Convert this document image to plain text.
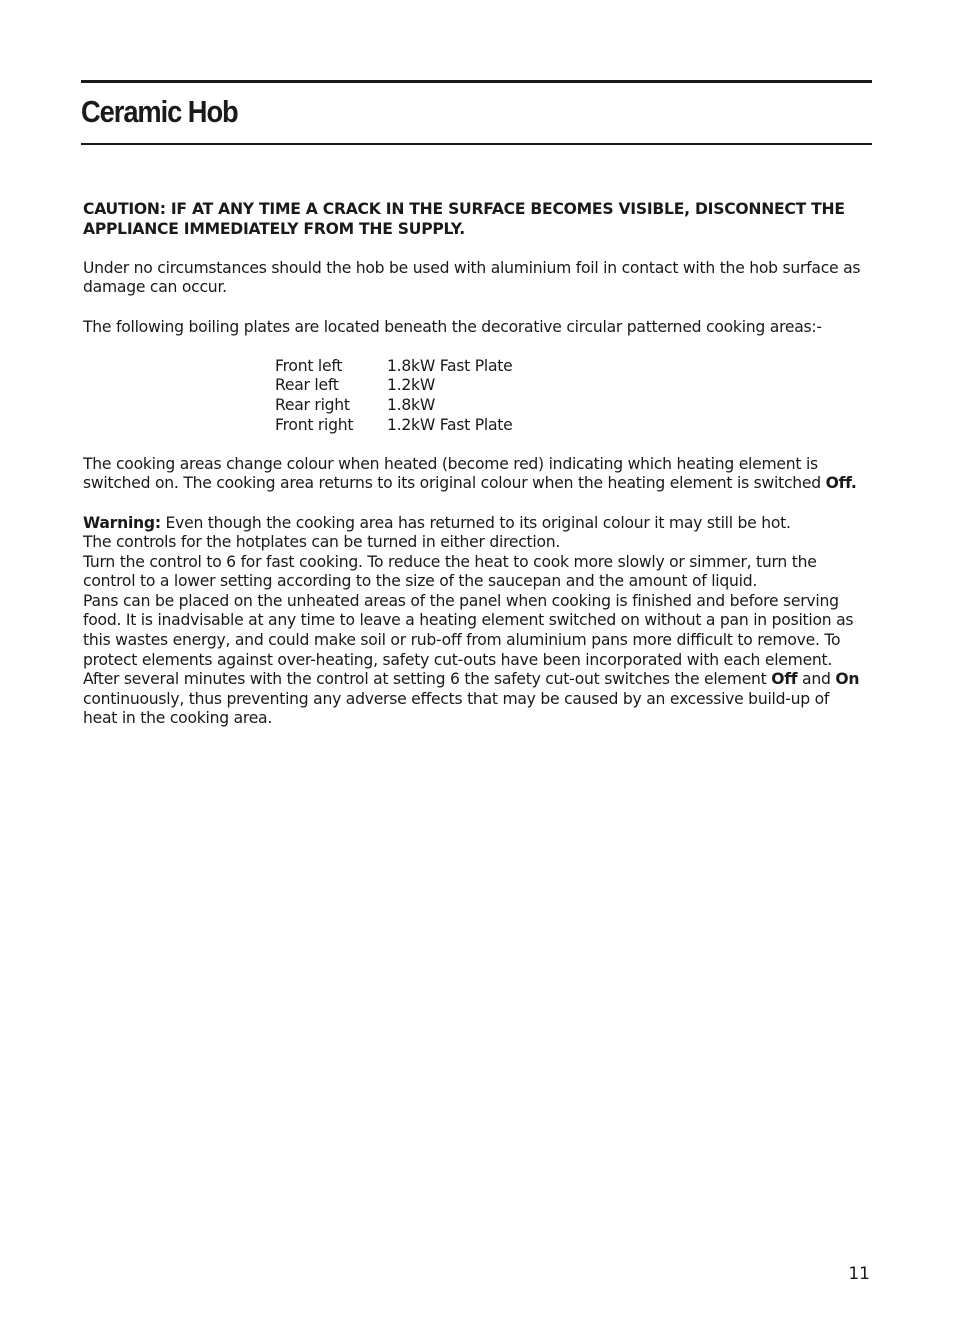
Ceramic Hob

CAUTION: IF AT ANY TIME A CRACK IN THE SURFACE BECOMES VISIBLE, DISCONNECT THE APPLIANCE IMMEDIATELY FROM THE SUPPLY.

Under no circumstances should the hob be used with aluminium foil in contact with the hob surface as damage can occur.

The following boiling plates are located beneath the decorative circular patterned cooking areas:-

Front left	1.8kW Fast Plate
Rear left	1.2kW
Rear right	1.8kW
Front right	1.2kW Fast Plate

The cooking areas change colour when heated (become red) indicating which heating element is switched on. The cooking area returns to its original colour when the heating element is switched Off.

Warning: Even though the cooking area has returned to its original colour it may still be hot.

The controls for the hotplates can be turned in either direction.

Turn the control to 6 for fast cooking. To reduce the heat to cook more slowly or simmer, turn the control to a lower setting according to the size of the saucepan and the amount of liquid.

Pans can be placed on the unheated areas of the panel when cooking is finished and before serving food. It is inadvisable at any time to leave a heating element switched on without a pan in position as this wastes energy, and could make soil or rub-off from aluminium pans more difficult to remove. To protect elements against over-heating, safety cut-outs have been incorporated with each element. After several minutes with the control at setting 6 the safety cut-out switches the element Off and On continuously, thus preventing any adverse effects that may be caused by an excessive build-up of heat in the cooking area.

11
